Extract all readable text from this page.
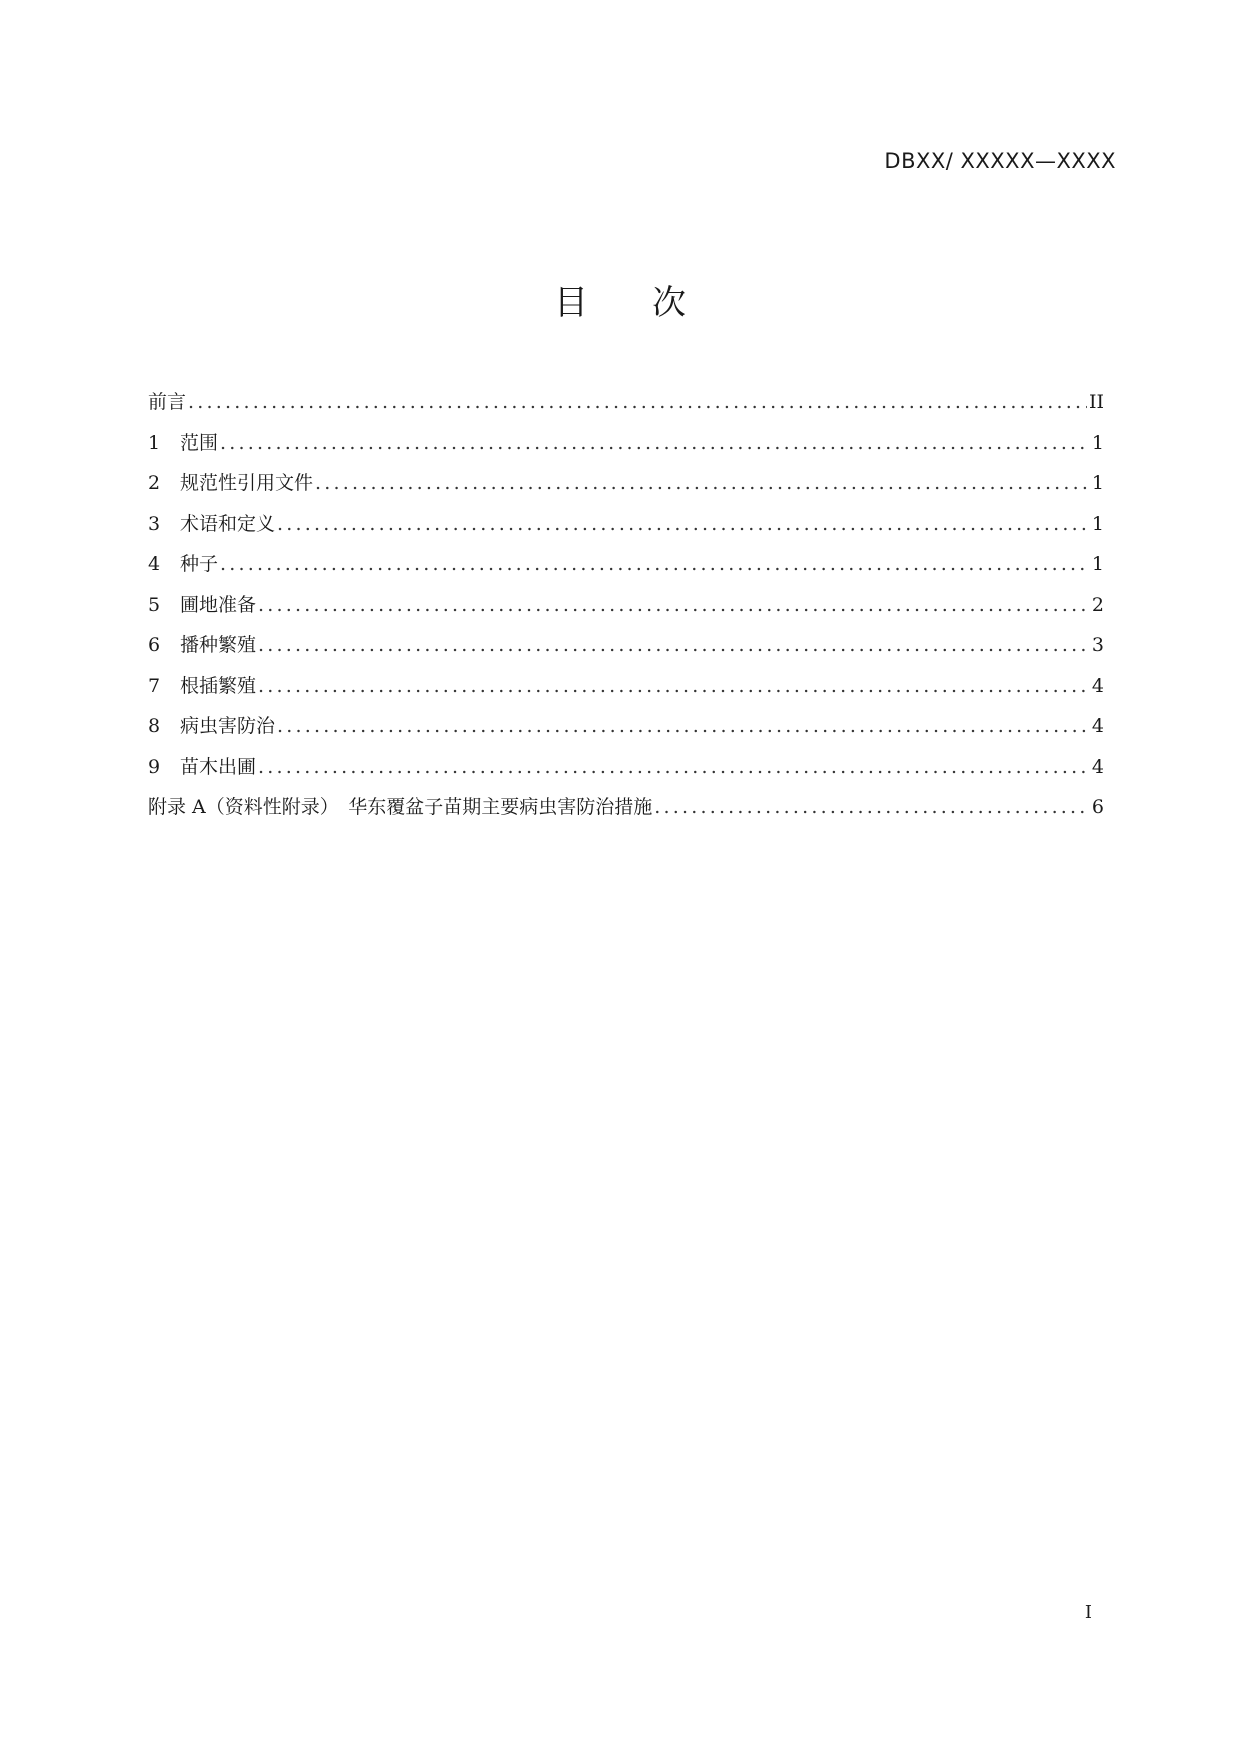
DBXX/ XXXXX—XXXX
目次
前言 .....	II
1	范围 .....	1
2	规范性引用文件 .....	1
3	术语和定义 .....	1
4	种子 .....	1
5	圃地准备 .....	2
6	播种繁殖 .....	3
7	根插繁殖 .....	4
8	病虫害防治 .....	4
9	苗木出圃 .....	4
附录 A（资料性附录）　华东覆盆子苗期主要病虫害防治措施 .....	6
I
